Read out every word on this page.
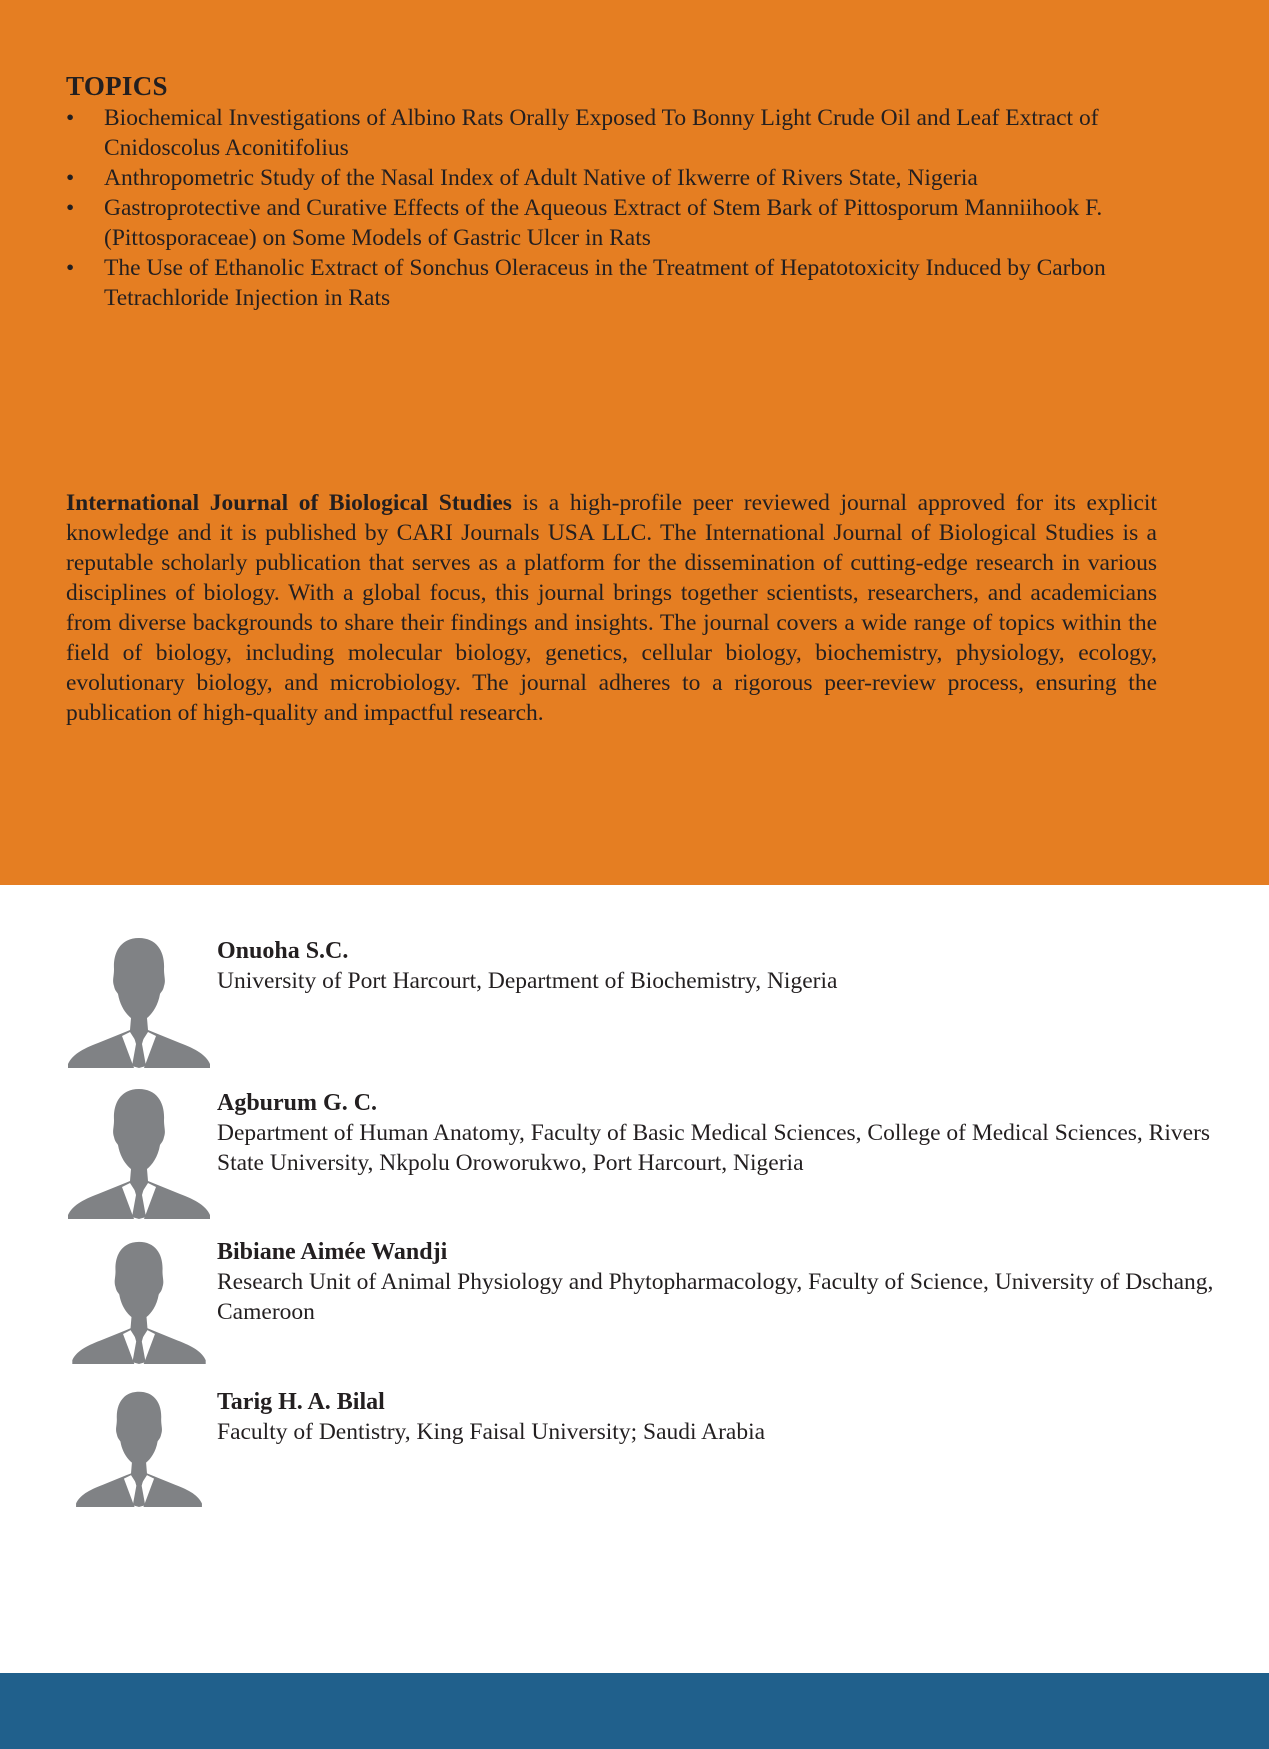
TOPICS
•	Biochemical Investigations of Albino Rats Orally Exposed To Bonny Light Crude Oil and Leaf Extract of Cnidoscolus Aconitifolius
•	Anthropometric Study of the Nasal Index of Adult Native of Ikwerre of Rivers State, Nigeria
•	Gastroprotective and Curative Effects of the Aqueous Extract of Stem Bark of Pittosporum Manniihook F. (Pittosporaceae) on Some Models of Gastric Ulcer in Rats
•	The Use of Ethanolic Extract of Sonchus Oleraceus in the Treatment of Hepatotoxicity Induced by Carbon Tetrachloride Injection in Rats

International Journal of Biological Studies is a high-profile peer reviewed journal approved for its explicit knowledge and it is published by CARI Journals USA LLC. The International Journal of Biological Studies is a reputable scholarly publication that serves as a platform for the dissemination of cutting-edge research in various disciplines of biology. With a global focus, this journal brings together scientists, researchers, and academicians from diverse backgrounds to share their findings and insights. The journal covers a wide range of topics within the field of biology, including molecular biology, genetics, cellular biology, biochemistry, physiology, ecology, evolutionary biology, and microbiology. The journal adheres to a rigorous peer-review process, ensuring the publication of high-quality and impactful research.

Onuoha S.C.
University of Port Harcourt, Department of Biochemistry, Nigeria
Agburum G. C.
Department of Human Anatomy, Faculty of Basic Medical Sciences, College of Medical Sciences, Rivers State University, Nkpolu Oroworukwo, Port Harcourt, Nigeria
Bibiane Aimée Wandji
Research Unit of Animal Physiology and Phytopharmacology, Faculty of Science, University of Dschang, Cameroon
Tarig H. A. Bilal
Faculty of Dentistry, King Faisal University; Saudi Arabia
